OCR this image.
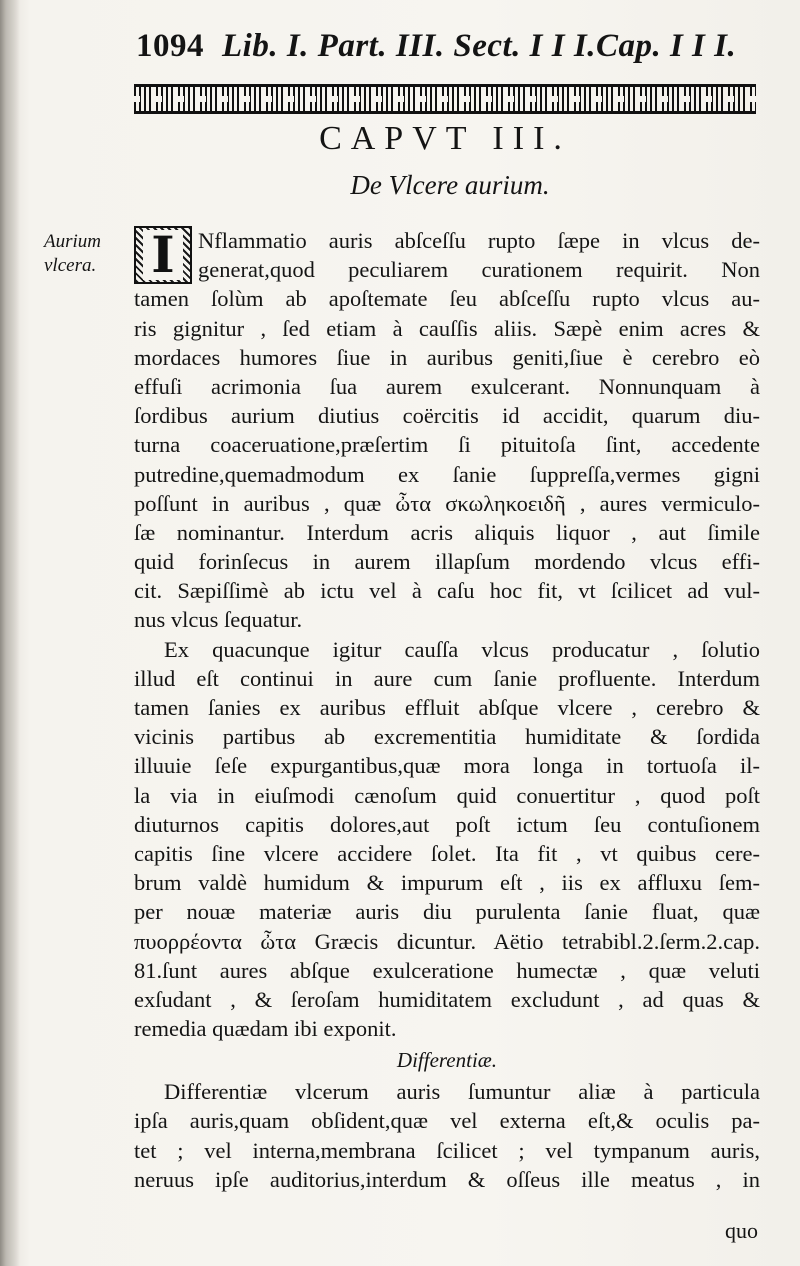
1094 Lib. I. Part. III. Sect. I I I.Cap. I I I.
CAPVT III.
De Vlcere aurium.
Aurium
vlcera.	I	Nflammatio auris abſceſſu rupto ſæpe in vlcus de-
generat,quod peculiarem curationem requirit. Non
tamen ſolùm ab apoſtemate ſeu abſceſſu rupto vlcus au-
ris gignitur , ſed etiam à cauſſis aliis. Sæpè enim acres &
mordaces humores ſiue in auribus geniti,ſiue è cerebro eò
effuſi acrimonia ſua aurem exulcerant. Nonnunquam à
ſordibus aurium diutius coërcitis id accidit, quarum diu-
turna coaceruatione,præſertim ſi pituitoſa ſint, accedente
putredine,quemadmodum ex ſanie ſuppreſſa,vermes gigni
poſſunt in auribus , quæ ὦτα σκωληκοειδῆ , aures vermiculo-
ſæ nominantur. Interdum acris aliquis liquor , aut ſimile
quid forinſecus in aurem illapſum mordendo vlcus effi-
cit. Sæpiſſimè ab ictu vel à caſu hoc fit, vt ſcilicet ad vul-
nus vlcus ſequatur.
Ex quacunque igitur cauſſa vlcus producatur , ſolutio
illud eſt continui in aure cum ſanie profluente. Interdum
tamen ſanies ex auribus effluit abſque vlcere , cerebro &
vicinis partibus ab excrementitia humiditate & ſordida
illuuie ſeſe expurgantibus,quæ mora longa in tortuoſa il-
la via in eiuſmodi cænoſum quid conuertitur , quod poſt
diuturnos capitis dolores,aut poſt ictum ſeu contuſionem
capitis ſine vlcere accidere ſolet. Ita fit , vt quibus cere-
brum valdè humidum & impurum eſt , iis ex affluxu ſem-
per nouæ materiæ auris diu purulenta ſanie fluat, quæ
πυορρέοντα ὦτα Græcis dicuntur. Aëtio tetrabibl.2.ſerm.2.cap.
81.ſunt aures abſque exulceratione humectæ , quæ veluti
exſudant , & ſeroſam humiditatem excludunt , ad quas &
remedia quædam ibi exponit.
Differentiæ.
Differentiæ vlcerum auris ſumuntur aliæ à particula
ipſa auris,quam obſident,quæ vel externa eſt,& oculis pa-
tet ; vel interna,membrana ſcilicet ; vel tympanum auris,
neruus ipſe auditorius,interdum & oſſeus ille meatus , in
quo
